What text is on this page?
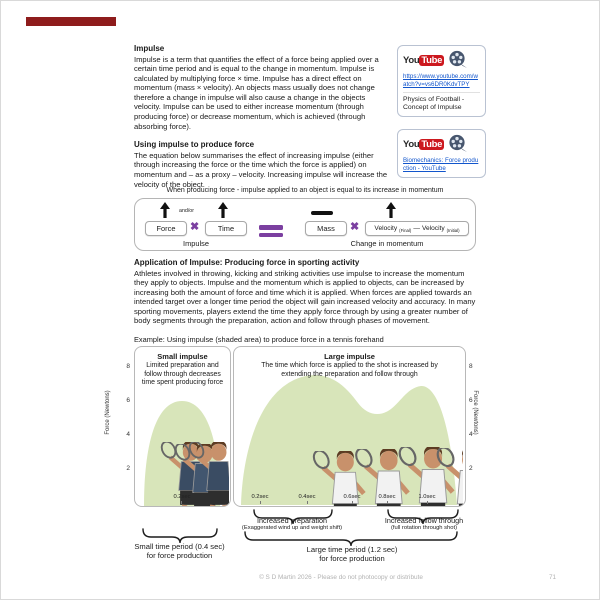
Impulse

Impulse is a term that quantifies the effect of a force being applied over a certain time period and is equal to the change in momentum. Impulse is calculated by multiplying force × time. Impulse has a direct effect on momentum (mass × velocity). An objects mass usually does not change therefore a change in impulse will also cause a change in the objects velocity. Impulse can be used to either increase momentum (through producing force) or decrease momentum, which is achieved (through absorbing force).

Using impulse to produce force

The equation below summarises the effect of increasing impulse (either through increasing the force or the time which the force is applied) on momentum and – as a proxy – velocity. Increasing impulse will increase the velocity of the object.

You Tube
https://www.youtube.com/watch?v=vs6DR0KdvTPY
Physics of Football - Concept of Impulse
You Tube
Biomechanics: Force production - YouTube
When producing force - impulse applied to an object is equal to its increase in momentum
and/or
Force	✖	Time	Mass	✖ Velocity (Final) — Velocity (Initial)
Impulse	Change in momentum
Application of Impulse: Producing force in sporting activity

Athletes involved in throwing, kicking and striking activities use impulse to increase the momentum they apply to objects. Impulse and the momentum which is applied to objects, can be increased by increasing both the amount of force and time which it is applied. When forces are applied towards an intended target over a longer time period the object will gain increased velocity and accuracy. In many sporting movements, players extend the time they apply force through by using a greater number of body segments through the preparation, action and follow through phases of movement.

Example: Using impulse (shaded area) to produce force in a tennis forehand
Force (Newtons)
8
6
4
2
Small impulse
Limited preparation and follow through decreases time spent producing force
0.2sec
Large impulse
The time which force is applied to the shot is increased by extending the preparation and follow through
0.2sec	0.4sec	0.6sec	0.8sec	1.0sec
Force (Newtons)
8
6
4
2
Increased preparation
(Exaggerated wind up and weight shift)
Increased follow through
(full rotation through shot)
Small time period (0.4 sec)
for force production
Large time period (1.2 sec)
for force production
© S D Martin 2026 - Please do not photocopy or distribute	71
